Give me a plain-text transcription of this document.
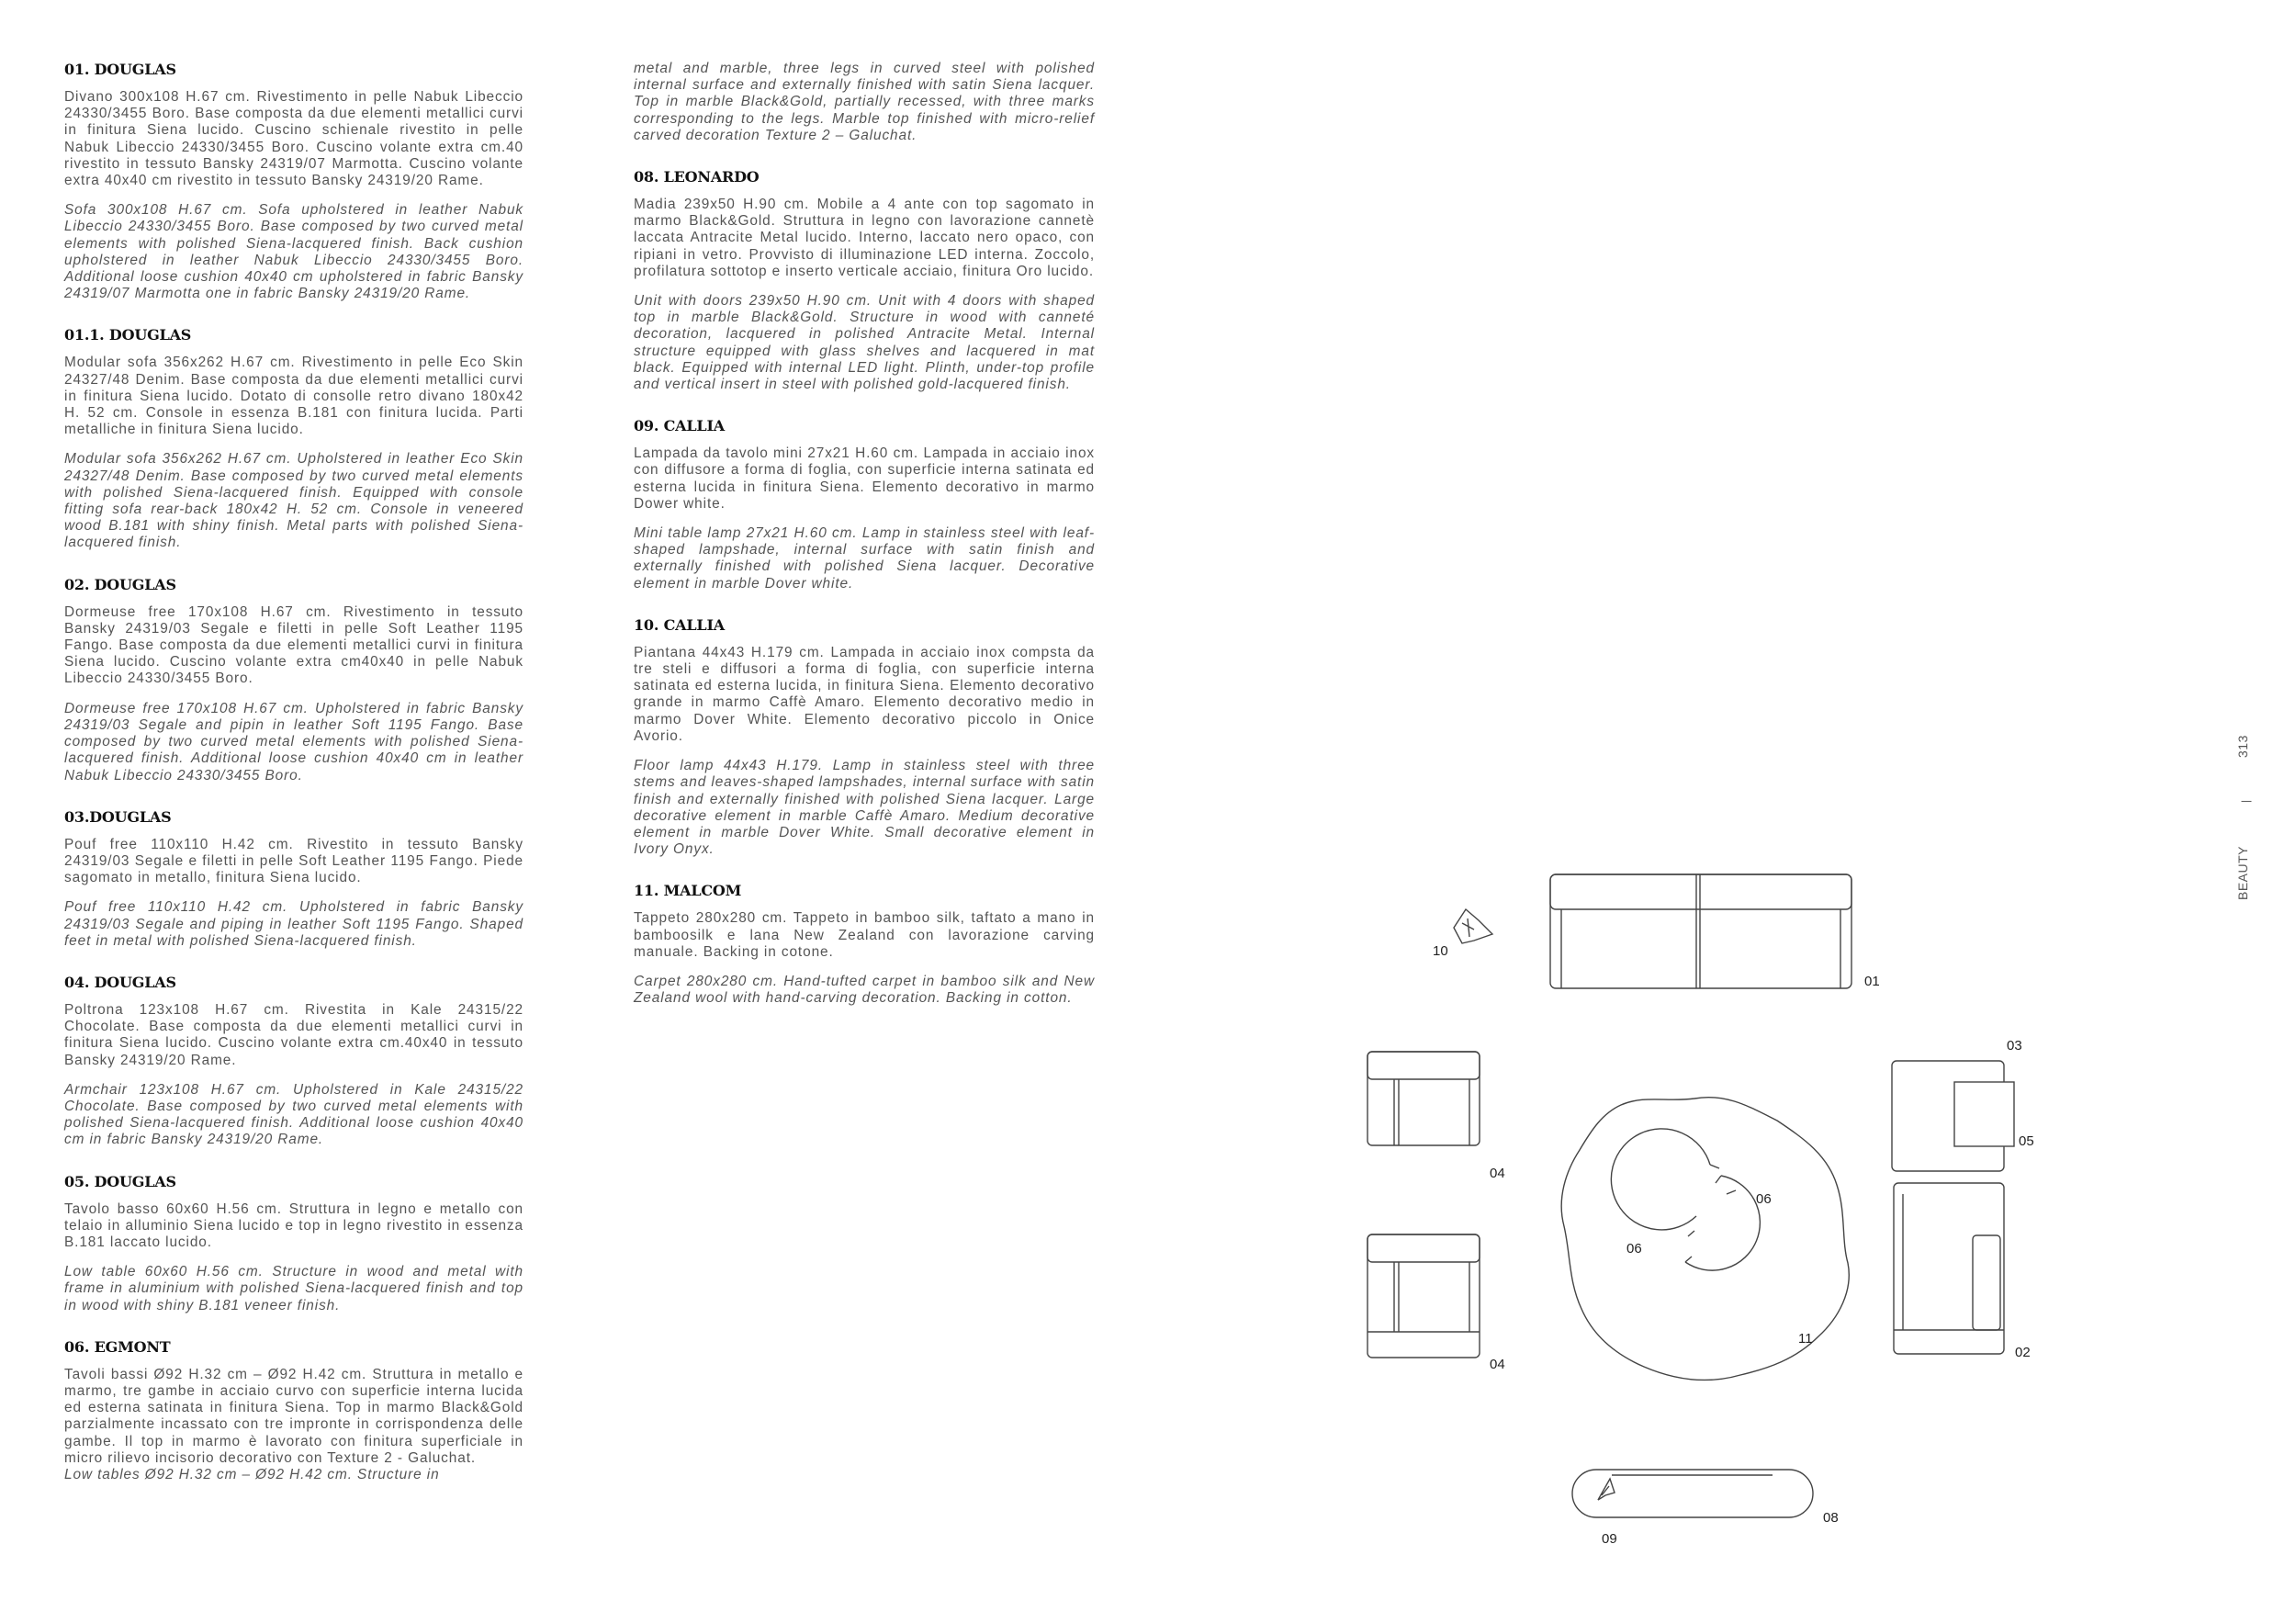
01. DOUGLAS

Divano 300x108 H.67 cm. Rivestimento in pelle Nabuk Libeccio 24330/3455 Boro. Base composta da due elementi metallici curvi in finitura Siena lucido. Cuscino schienale rivestito in pelle Nabuk Libeccio 24330/3455 Boro. Cuscino volante extra cm.40 rivestito in tessuto Bansky 24319/07 Marmotta. Cuscino volante extra 40x40 cm rivestito in tessuto Bansky 24319/20 Rame.

Sofa 300x108 H.67 cm. Sofa upholstered in leather Nabuk Libeccio 24330/3455 Boro. Base composed by two curved metal elements with polished Siena-lacquered finish. Back cushion upholstered in leather Nabuk Libeccio 24330/3455 Boro. Additional loose cushion 40x40 cm upholstered in fabric Bansky 24319/07 Marmotta one in fabric Bansky 24319/20 Rame.

01.1. DOUGLAS

Modular sofa 356x262 H.67 cm. Rivestimento in pelle Eco Skin 24327/48 Denim. Base composta da due elementi metallici curvi in finitura Siena lucido. Dotato di consolle retro divano 180x42 H. 52 cm. Console in essenza B.181 con finitura lucida. Parti metalliche in finitura Siena lucido.

Modular sofa 356x262 H.67 cm. Upholstered in leather Eco Skin 24327/48 Denim. Base composed by two curved metal elements with polished Siena-lacquered finish. Equipped with console fitting sofa rear-back 180x42 H. 52 cm. Console in veneered wood B.181 with shiny finish. Metal parts with polished Siena-lacquered finish.

02. DOUGLAS

Dormeuse free 170x108 H.67 cm. Rivestimento in tessuto Bansky 24319/03 Segale e filetti in pelle Soft Leather 1195 Fango. Base composta da due elementi metallici curvi in finitura Siena lucido. Cuscino volante extra cm40x40 in pelle Nabuk Libeccio 24330/3455 Boro.

Dormeuse free 170x108 H.67 cm. Upholstered in fabric Bansky 24319/03 Segale and pipin in leather Soft 1195 Fango. Base composed by two curved metal elements with polished Siena-lacquered finish. Additional loose cushion 40x40 cm in leather Nabuk Libeccio 24330/3455 Boro.

03.DOUGLAS

Pouf free 110x110 H.42 cm. Rivestito in tessuto Bansky 24319/03 Segale e filetti in pelle Soft Leather 1195 Fango. Piede sagomato in metallo, finitura Siena lucido.

Pouf free 110x110 H.42 cm. Upholstered in fabric Bansky 24319/03 Segale and piping in leather Soft 1195 Fango. Shaped feet in metal with polished Siena-lacquered finish.

04. DOUGLAS

Poltrona 123x108 H.67 cm. Rivestita in Kale 24315/22 Chocolate. Base composta da due elementi metallici curvi in finitura Siena lucido. Cuscino volante extra cm.40x40 in tessuto Bansky 24319/20 Rame.

Armchair 123x108 H.67 cm. Upholstered in Kale 24315/22 Chocolate. Base composed by two curved metal elements with polished Siena-lacquered finish. Additional loose cushion 40x40 cm in fabric Bansky 24319/20 Rame.

05. DOUGLAS

Tavolo basso 60x60 H.56 cm. Struttura in legno e metallo con telaio in alluminio Siena lucido e top in legno rivestito in essenza B.181 laccato lucido.

Low table 60x60 H.56 cm. Structure in wood and metal with frame in aluminium with polished Siena-lacquered finish and top in wood with shiny B.181 veneer finish.

06. EGMONT

Tavoli bassi Ø92 H.32 cm – Ø92 H.42 cm. Struttura in metallo e marmo, tre gambe in acciaio curvo con superficie interna lucida ed esterna satinata in finitura Siena. Top in marmo Black&Gold parzialmente incassato con tre impronte in corrispondenza delle gambe. Il top in marmo è lavorato con finitura superficiale in micro rilievo incisorio decorativo con Texture 2 - Galuchat.

Low tables Ø92 H.32 cm – Ø92 H.42 cm. Structure in

metal and marble, three legs in curved steel with polished internal surface and externally finished with satin Siena lacquer. Top in marble Black&Gold, partially recessed, with three marks corresponding to the legs. Marble top finished with micro-relief carved decoration Texture 2 – Galuchat.

08. LEONARDO

Madia 239x50 H.90 cm. Mobile a 4 ante con top sagomato in marmo Black&Gold. Struttura in legno con lavorazione cannetè laccata Antracite Metal lucido. Interno, laccato nero opaco, con ripiani in vetro. Provvisto di illuminazione LED interna. Zoccolo, profilatura sottotop e inserto verticale acciaio, finitura Oro lucido.

Unit with doors 239x50 H.90 cm. Unit with 4 doors with shaped top in marble Black&Gold. Structure in wood with canneté decoration, lacquered in polished Antracite Metal. Internal structure equipped with glass shelves and lacquered in mat black. Equipped with internal LED light. Plinth, under-top profile and vertical insert in steel with polished gold-lacquered finish.

09. CALLIA

Lampada da tavolo mini 27x21 H.60 cm. Lampada in acciaio inox con diffusore a forma di foglia, con superficie interna satinata ed esterna lucida in finitura Siena. Elemento decorativo in marmo Dower white.

Mini table lamp 27x21 H.60 cm. Lamp in stainless steel with leaf-shaped lampshade, internal surface with satin finish and externally finished with polished Siena lacquer. Decorative element in marble Dover white.

10. CALLIA

Piantana 44x43 H.179 cm. Lampada in acciaio inox compsta da tre steli e diffusori a forma di foglia, con superficie interna satinata ed esterna lucida, in finitura Siena. Elemento decorativo grande in marmo Caffè Amaro. Elemento decorativo medio in marmo Dover White. Elemento decorativo piccolo in Onice Avorio.

Floor lamp 44x43 H.179. Lamp in stainless steel with three stems and leaves-shaped lampshades, internal surface with satin finish and externally finished with polished Siena lacquer. Large decorative element in marble Caffè Amaro. Medium decorative element in marble Dover White. Small decorative element in Ivory Onyx.

11. MALCOM

Tappeto 280x280 cm. Tappeto in bamboo silk, taftato a mano in bamboosilk e lana New Zealand con lavorazione carving manuale. Backing in cotone.

Carpet 280x280 cm. Hand-tufted carpet in bamboo silk and New Zealand wool with hand-carving decoration. Backing in cotton.

BEAUTY
|
313
01
02
03
04
04
05
06
06
08
09
10
11
